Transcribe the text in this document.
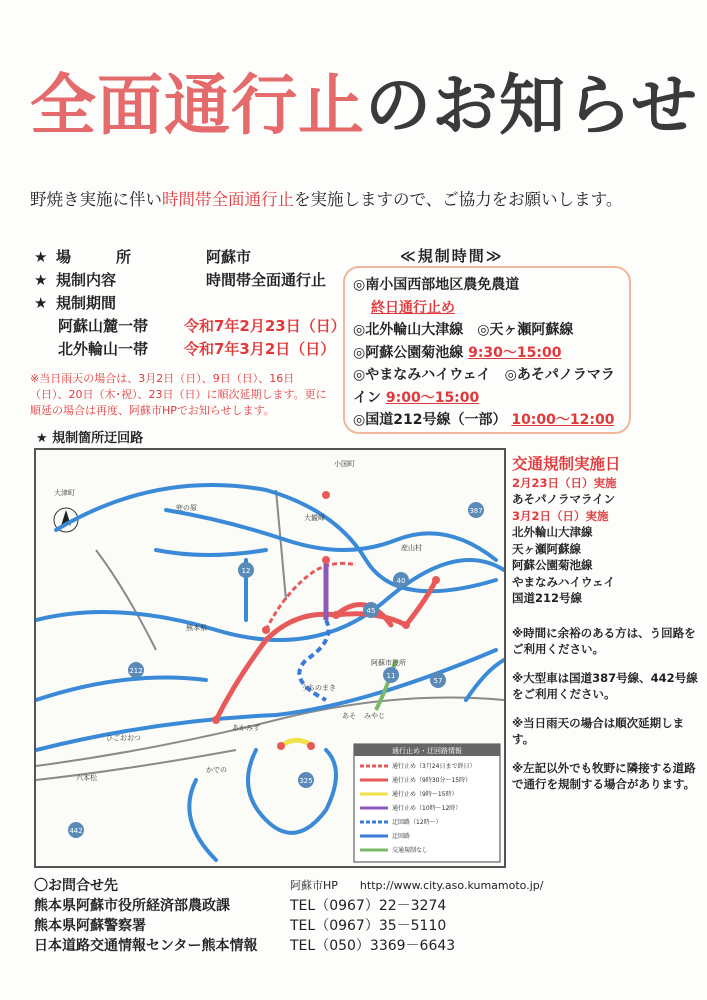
全面通行止のお知らせ
野焼き実施に伴い時間帯全面通行止を実施しますので、ご協力をお願いします。
★ 場　　　所	阿蘇市
★ 規制内容	時間帯全面通行止
★ 規制期間
阿蘇山麓一帯 令和7年2月23日（日）
北外輪山一帯 令和7年3月2日（日）
※当日雨天の場合は、3月2日（日）、9日（日）、16日（日）、20日（木･祝）、23日（日）に順次延期します。更に順延の場合は再度、阿蘇市HPでお知らせします。
≪規制時間≫
◎南小国西部地区農免農道
終日通行止め
◎北外輪山大津線　◎天ヶ瀬阿蘇線
◎阿蘇公園菊池線 9:30～15:00
◎やまなみハイウェイ　◎あそパノラマラ
イン 9:00～15:00
◎国道212号線（一部） 10:00～12:00
★ 規制箇所迂回路
小国町
あかみず
うちのまき
ひごおおつ
みやじ
あそ
かでの
六本松
阿蘇市役所
産山村
熊本県
大観峰
兜の原
大津町
212
57
45
40
11
12
387
325
442
通行止め・迂回路情報
通行止め（3月24日まで終日）
通行止め（9時30分～15時）
通行止め（9時～15時）
通行止め（10時～12時）
迂回路（12時～）
迂回路
交通規制なし
交通規制実施日
2月23日（日）実施
あそパノラマライン
3月2日（日）実施
北外輪山大津線
天ヶ瀬阿蘇線
阿蘇公園菊池線
やまなみハイウェイ
国道212号線

※時間に余裕のある方は、う回路をご利用ください。

※大型車は国道387号線、442号線をご利用ください。

※当日雨天の場合は順次延期します。

※左記以外でも牧野に隣接する道路で通行を規制する場合があります。

〇お問合せ先
熊本県阿蘇市役所経済部農政課
熊本県阿蘇警察署
日本道路交通情報センター熊本情報
阿蘇市HP　　 http://www.city.aso.kumamoto.jp/
TEL（0967）22－3274
TEL（0967）35－5110
TEL（050）3369－6643
